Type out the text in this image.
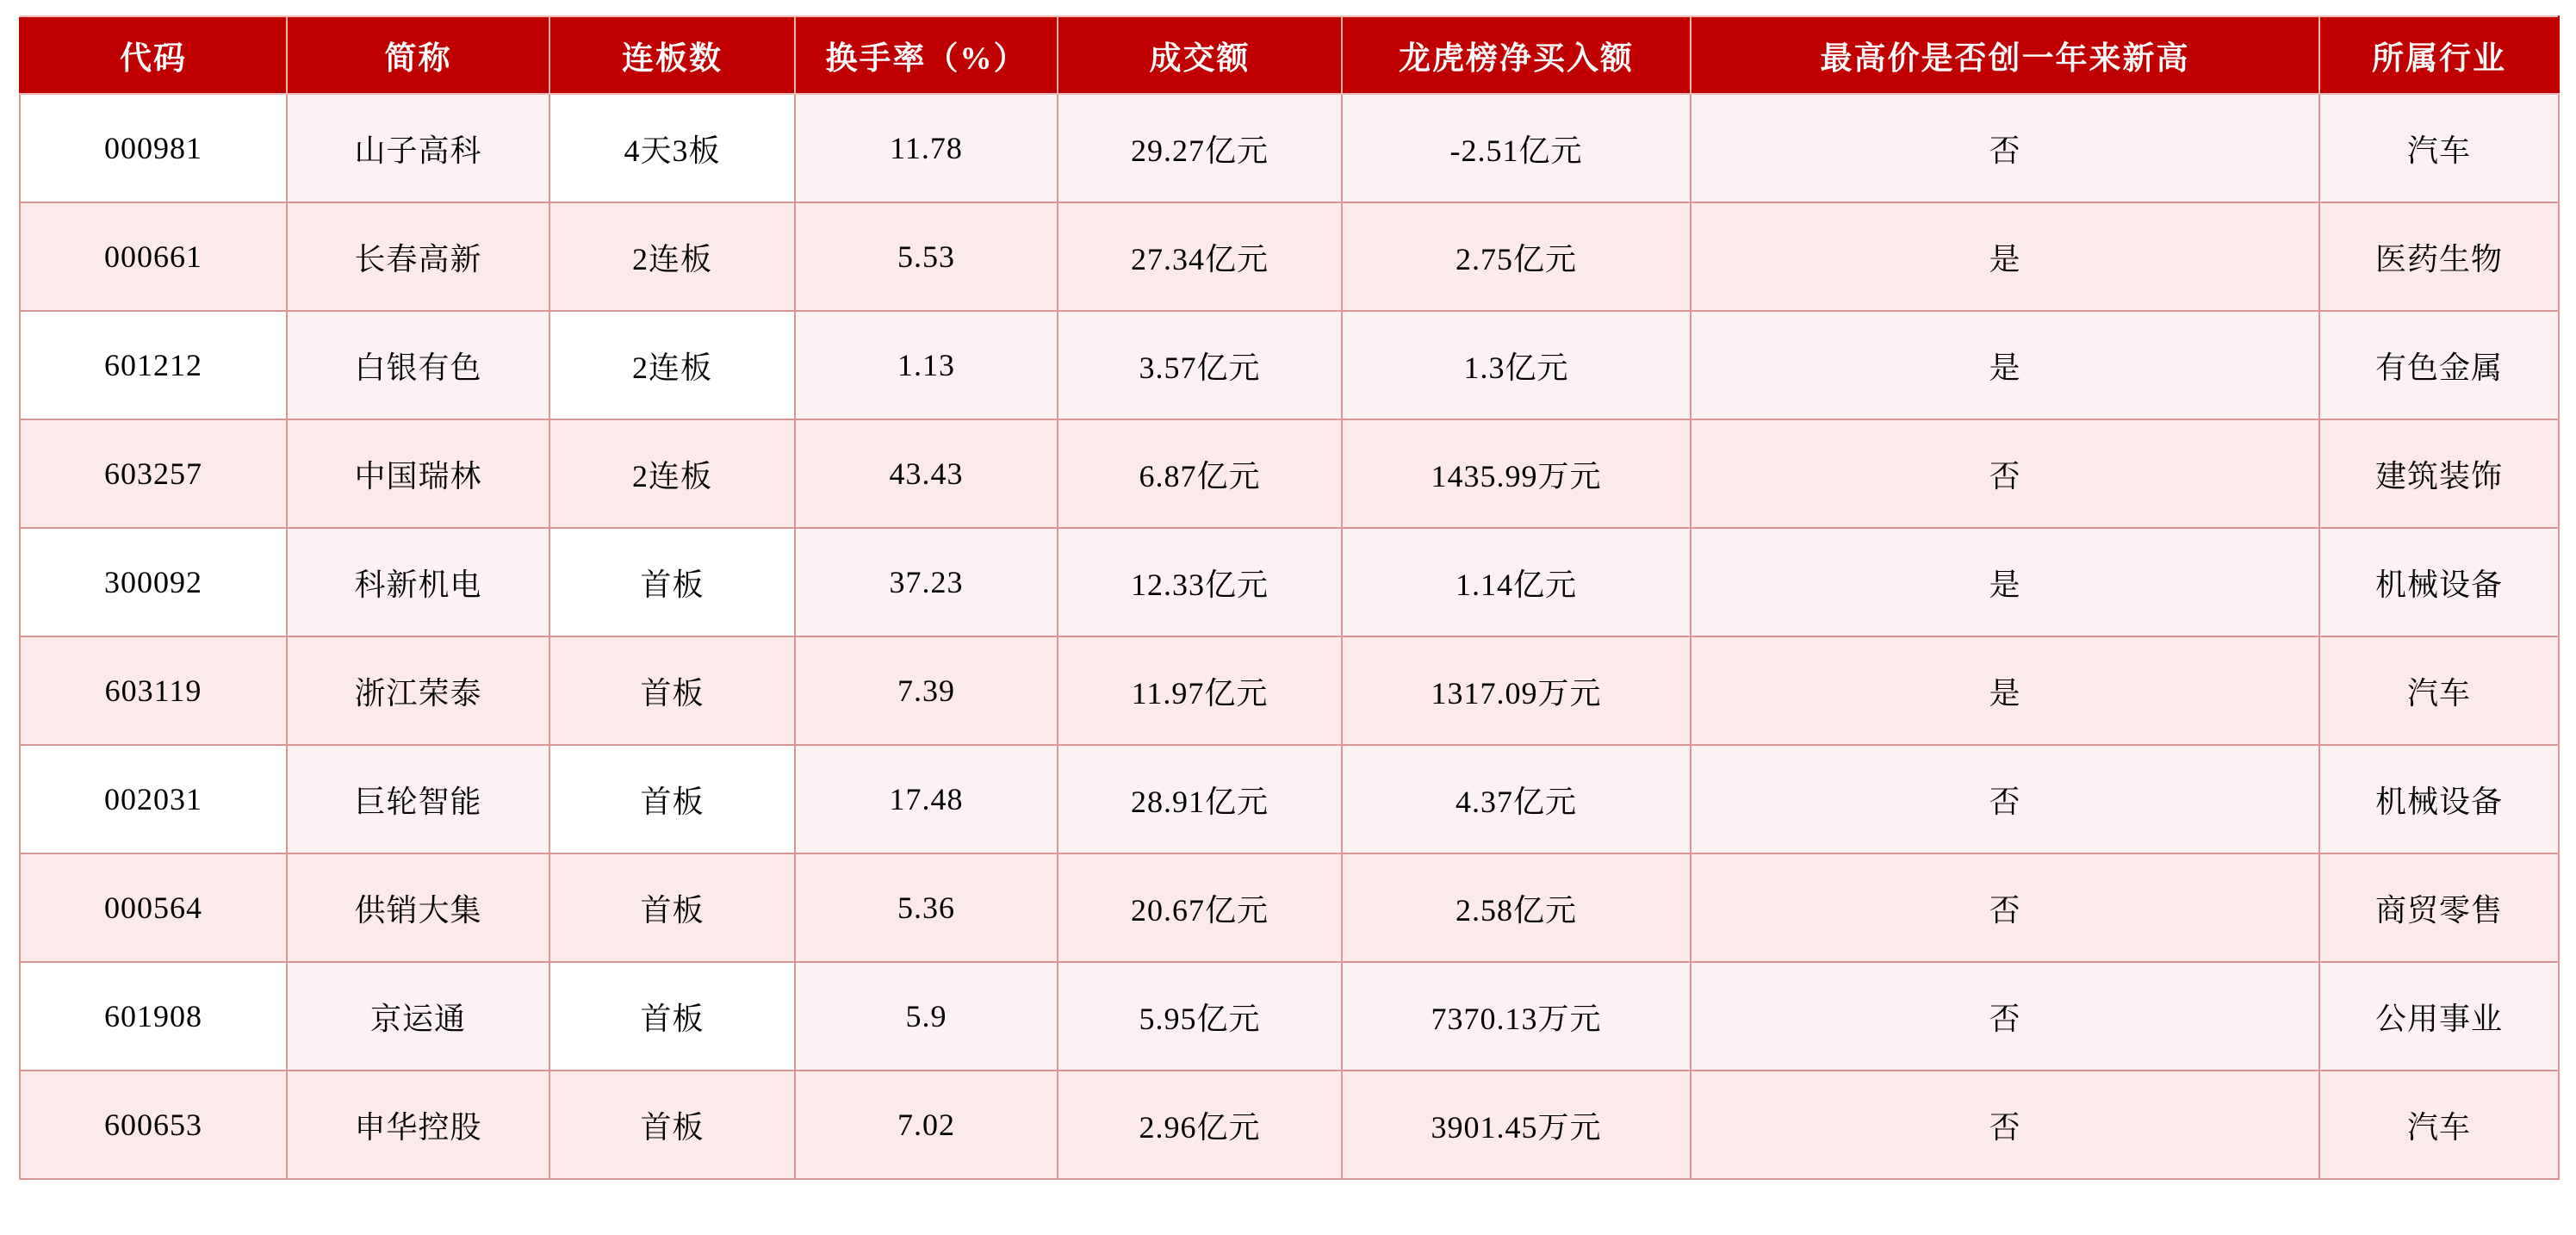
代码	简称	连板数	换手率（%）	成交额	龙虎榜净买入额	最高价是否创一年来新高	所属行业
000981	山子高科	4天3板	11.78	29.27亿元	-2.51亿元	否	汽车
000661	长春高新	2连板	5.53	27.34亿元	2.75亿元	是	医药生物
601212	白银有色	2连板	1.13	3.57亿元	1.3亿元	是	有色金属
603257	中国瑞林	2连板	43.43	6.87亿元	1435.99万元	否	建筑装饰
300092	科新机电	首板	37.23	12.33亿元	1.14亿元	是	机械设备
603119	浙江荣泰	首板	7.39	11.97亿元	1317.09万元	是	汽车
002031	巨轮智能	首板	17.48	28.91亿元	4.37亿元	否	机械设备
000564	供销大集	首板	5.36	20.67亿元	2.58亿元	否	商贸零售
601908	京运通	首板	5.9	5.95亿元	7370.13万元	否	公用事业
600653	申华控股	首板	7.02	2.96亿元	3901.45万元	否	汽车
